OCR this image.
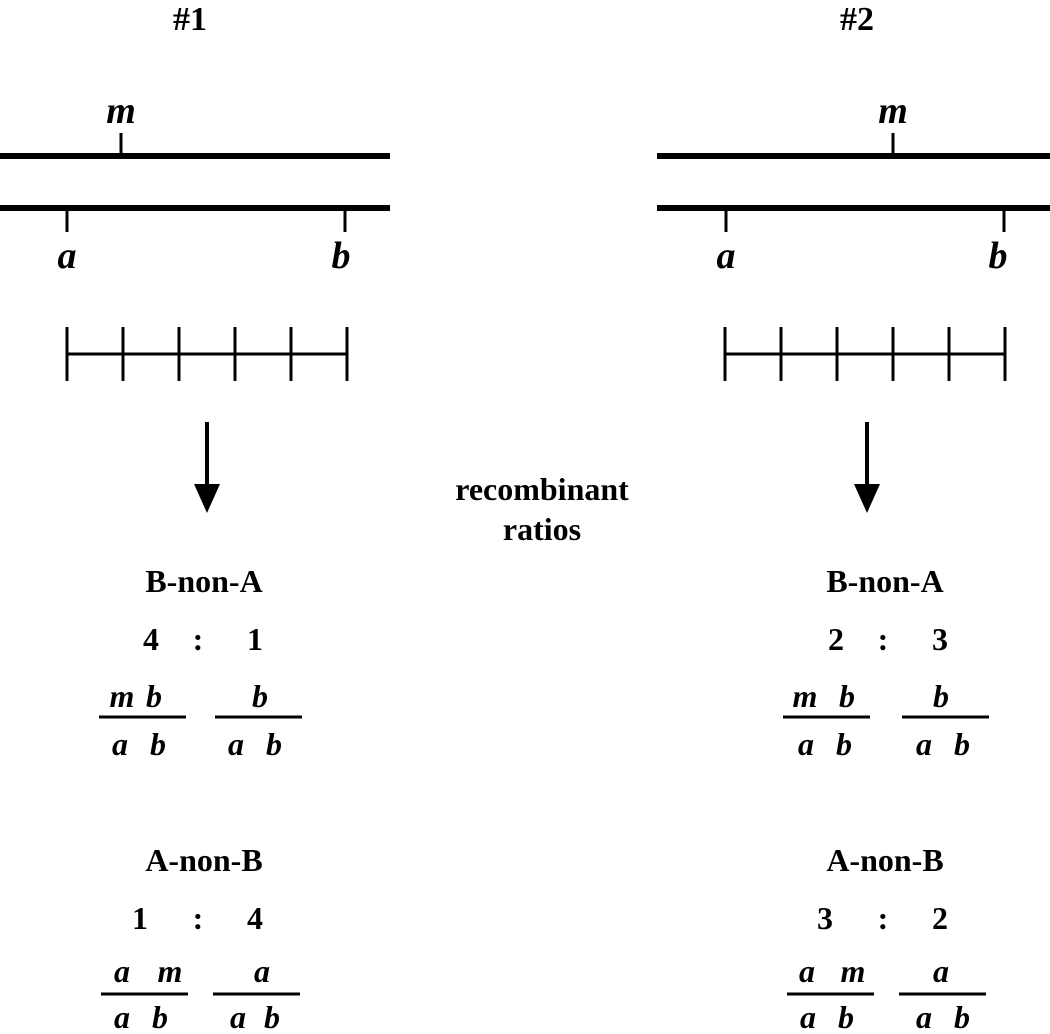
#1
m
a	b
B-non-A
4 : 1
m b
a b
b
a b
A-non-B
1 : 4
a m
a b
a
a b
recombinant
ratios
#2
m
a	b
B-non-A
2 : 3
m b
a b
b
a b
A-non-B
3 : 2
a m
a b
a
a b
